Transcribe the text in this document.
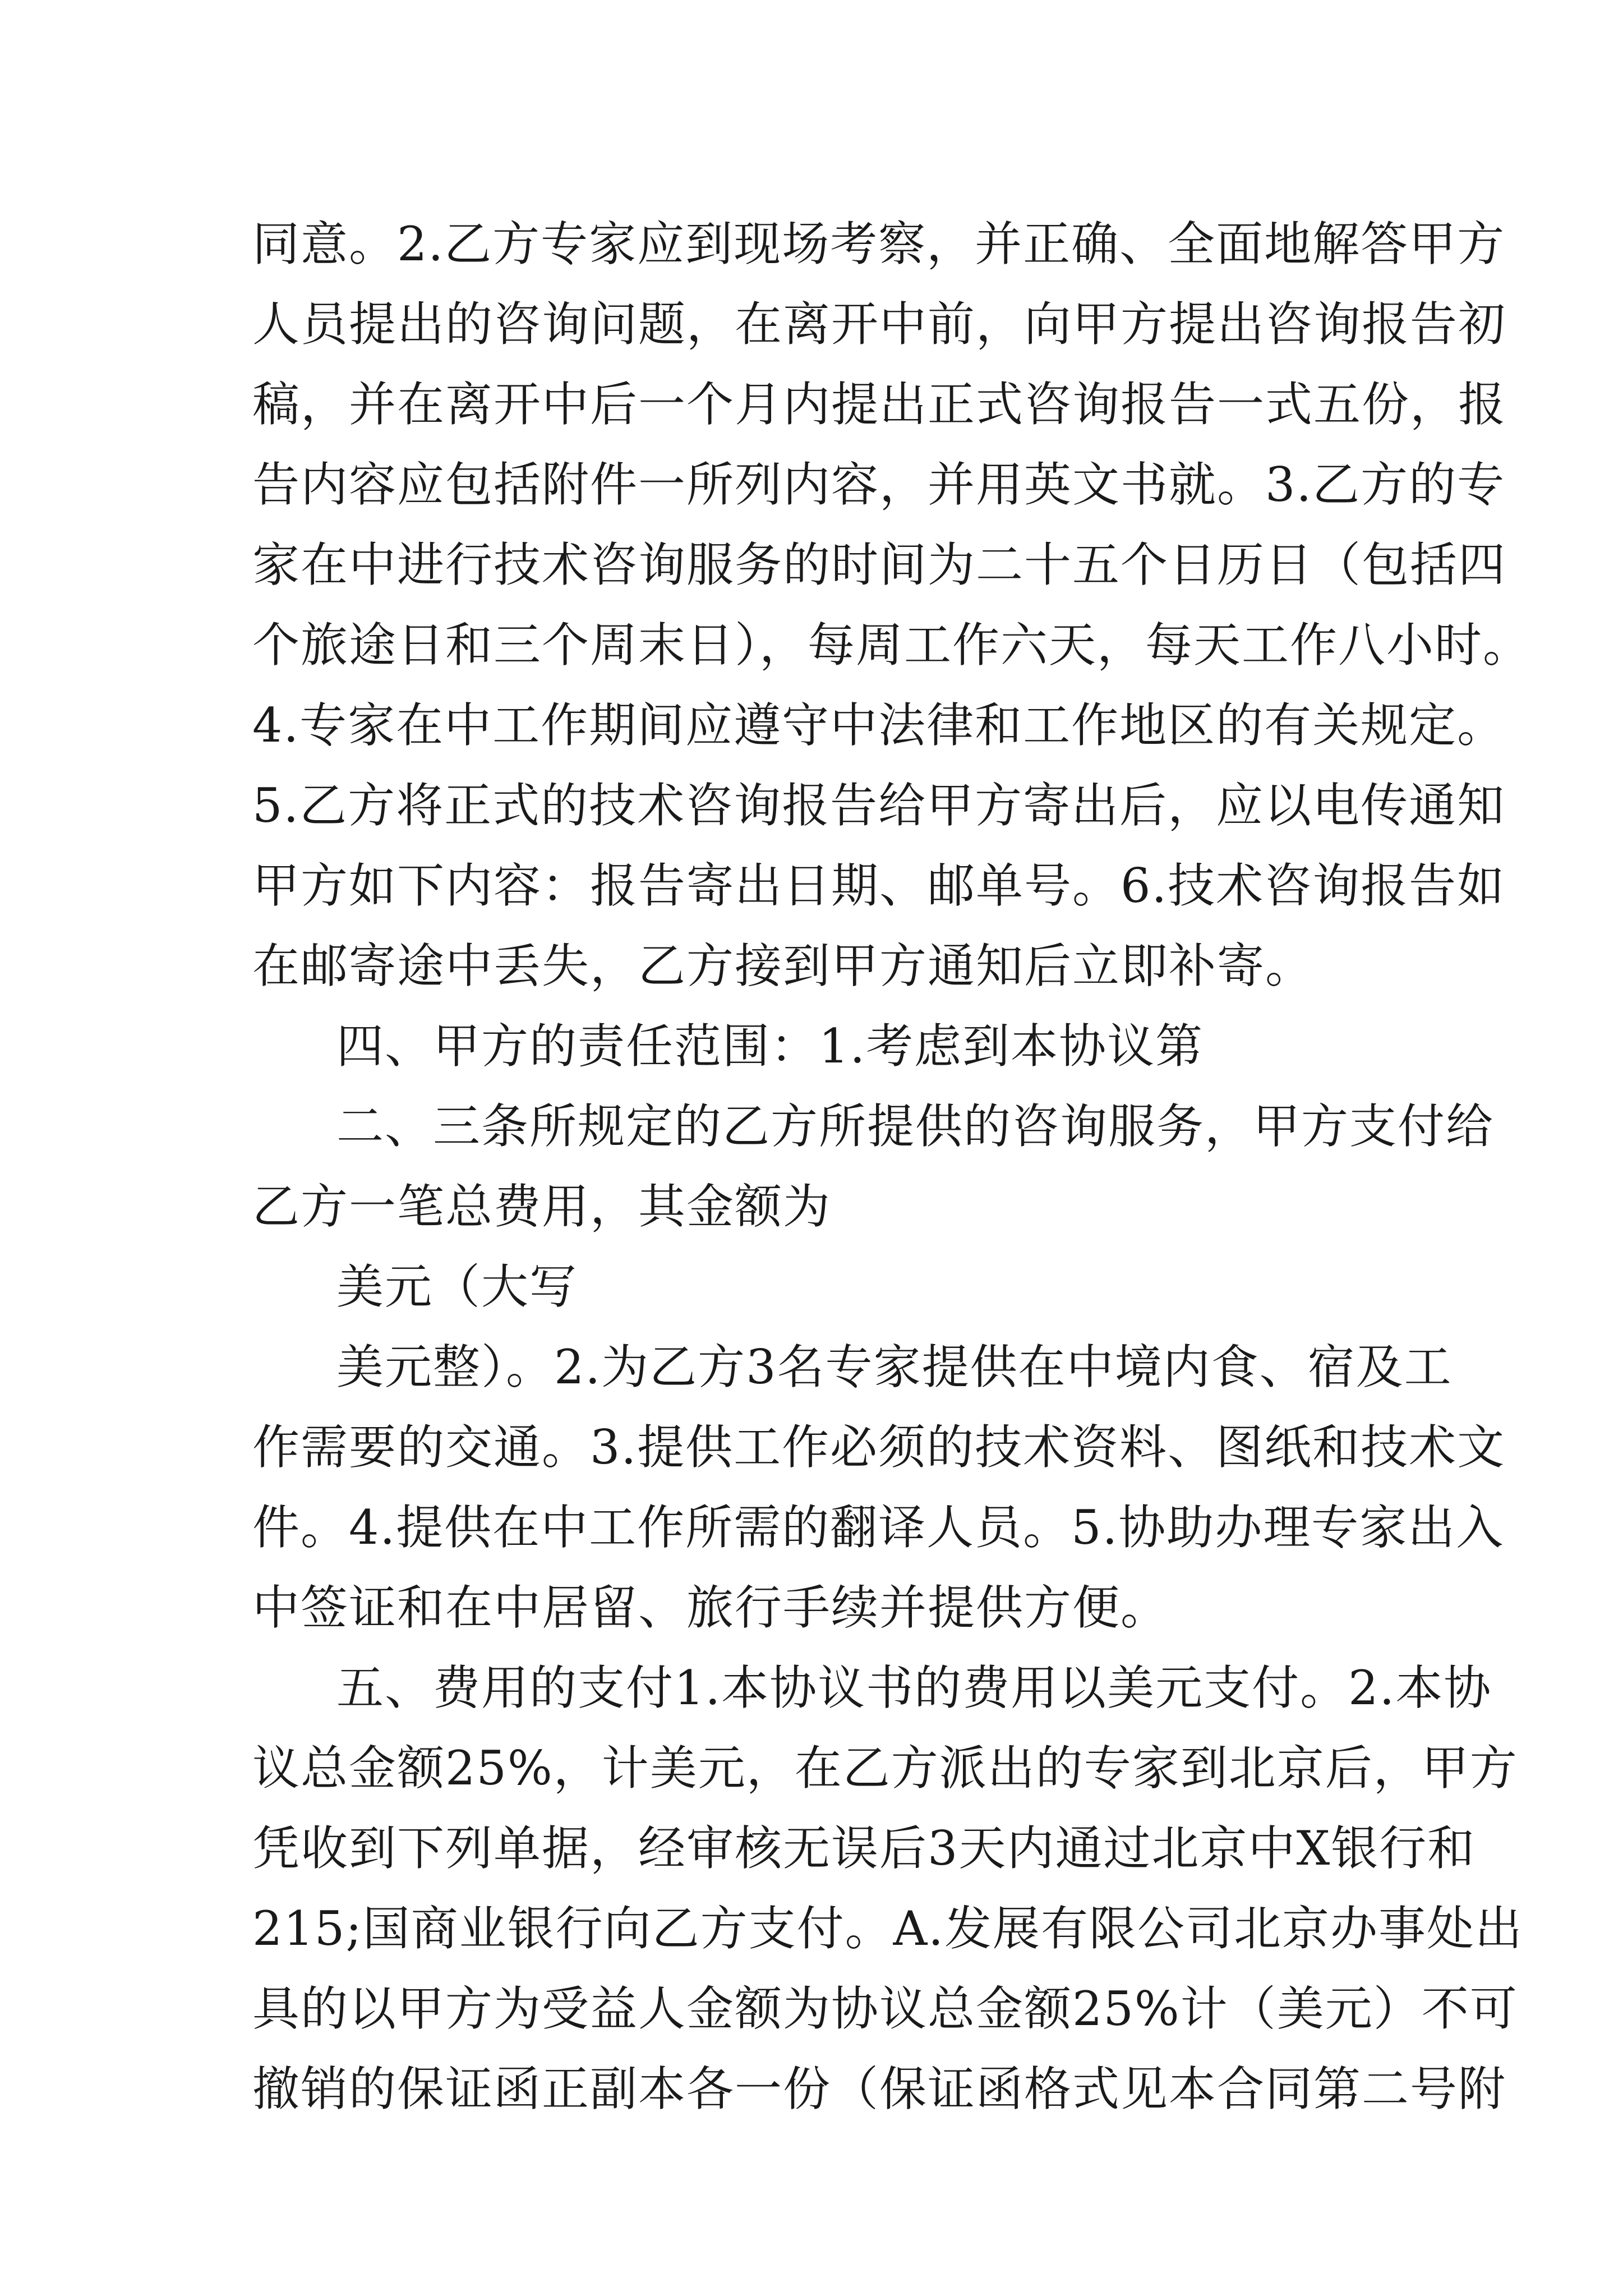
同意。2.乙方专家应到现场考察，并正确、全面地解答甲方
人员提出的咨询问题，在离开中前，向甲方提出咨询报告初
稿，并在离开中后一个月内提出正式咨询报告一式五份，报
告内容应包括附件一所列内容，并用英文书就。3.乙方的专
家在中进行技术咨询服务的时间为二十五个日历日（包括四
个旅途日和三个周末日），每周工作六天，每天工作八小时。
4.专家在中工作期间应遵守中法律和工作地区的有关规定。
5.乙方将正式的技术咨询报告给甲方寄出后，应以电传通知
甲方如下内容：报告寄出日期、邮单号。6.技术咨询报告如
在邮寄途中丢失，乙方接到甲方通知后立即补寄。
四、甲方的责任范围：1.考虑到本协议第
二、三条所规定的乙方所提供的咨询服务，甲方支付给
乙方一笔总费用，其金额为
美元（大写
美元整）。2.为乙方3名专家提供在中境内食、宿及工
作需要的交通。3.提供工作必须的技术资料、图纸和技术文
件。4.提供在中工作所需的翻译人员。5.协助办理专家出入
中签证和在中居留、旅行手续并提供方便。
五、费用的支付1.本协议书的费用以美元支付。2.本协
议总金额25%，计美元，在乙方派出的专家到北京后，甲方
凭收到下列单据，经审核无误后3天内通过北京中X银行和
215;国商业银行向乙方支付。A.发展有限公司北京办事处出
具的以甲方为受益人金额为协议总金额25%计（美元）不可
撤销的保证函正副本各一份（保证函格式见本合同第二号附
